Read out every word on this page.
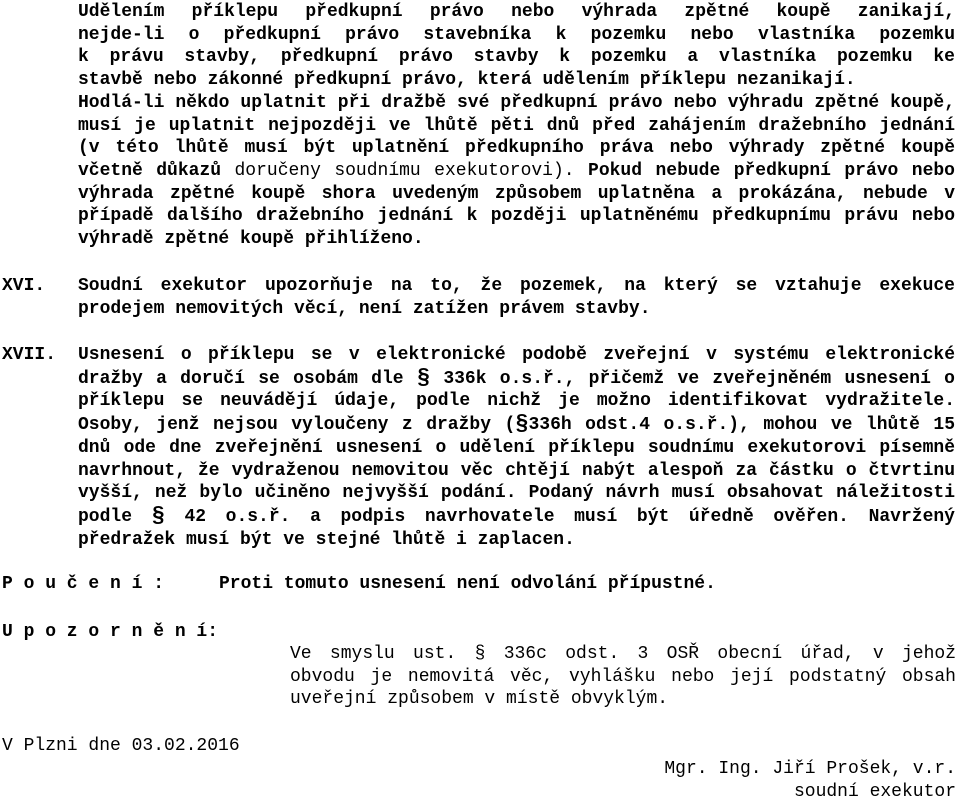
Udělením příklepu předkupní právo nebo výhrada zpětné koupě zanikají,
nejde-li o předkupní právo stavebníka k pozemku nebo vlastníka pozemku
k právu stavby, předkupní právo stavby k pozemku a vlastníka pozemku ke
stavbě nebo zákonné předkupní právo, která udělením příklepu nezanikají.

Hodlá-li někdo uplatnit při dražbě své předkupní právo nebo výhradu zpětné koupě, musí je uplatnit nejpozději ve lhůtě pěti dnů před zahájením dražebního jednání (v této lhůtě musí být uplatnění předkupního práva nebo výhrady zpětné koupě včetně důkazů doručeny soudnímu exekutorovi). Pokud nebude předkupní právo nebo výhrada zpětné koupě shora uvedeným způsobem uplatněna a prokázána, nebude v případě dalšího dražebního jednání k později uplatněnému předkupnímu právu nebo výhradě zpětné koupě přihlíženo.

XVI. Soudní exekutor upozorňuje na to, že pozemek, na který se vztahuje exekuce prodejem nemovitých věcí, není zatížen právem stavby.

XVII. Usnesení o příklepu se v elektronické podobě zveřejní v systému elektronické dražby a doručí se osobám dle § 336k o.s.ř., přičemž ve zveřejněném usnesení o příklepu se neuvádějí údaje, podle nichž je možno identifikovat vydražitele. Osoby, jenž nejsou vyloučeny z dražby (§336h odst.4 o.s.ř.), mohou ve lhůtě 15 dnů ode dne zveřejnění usnesení o udělení příklepu soudnímu exekutorovi písemně navrhnout, že vydraženou nemovitou věc chtějí nabýt alespoň za částku o čtvrtinu vyšší, než bylo učiněno nejvyšší podání. Podaný návrh musí obsahovat náležitosti podle § 42 o.s.ř. a podpis navrhovatele musí být úředně ověřen. Navržený předražek musí být ve stejné lhůtě i zaplacen.

P o u č e n í :	Proti tomuto usnesení není odvolání přípustné.
U p o z o r n ě n í:
Ve smyslu ust. § 336c odst. 3 OSŘ obecní úřad, v jehož
obvodu je nemovitá věc, vyhlášku nebo její podstatný obsah
uveřejní způsobem v místě obvyklým.
V Plzni dne 03.02.2016
Mgr. Ing. Jiří Prošek, v.r.
soudní exekutor
